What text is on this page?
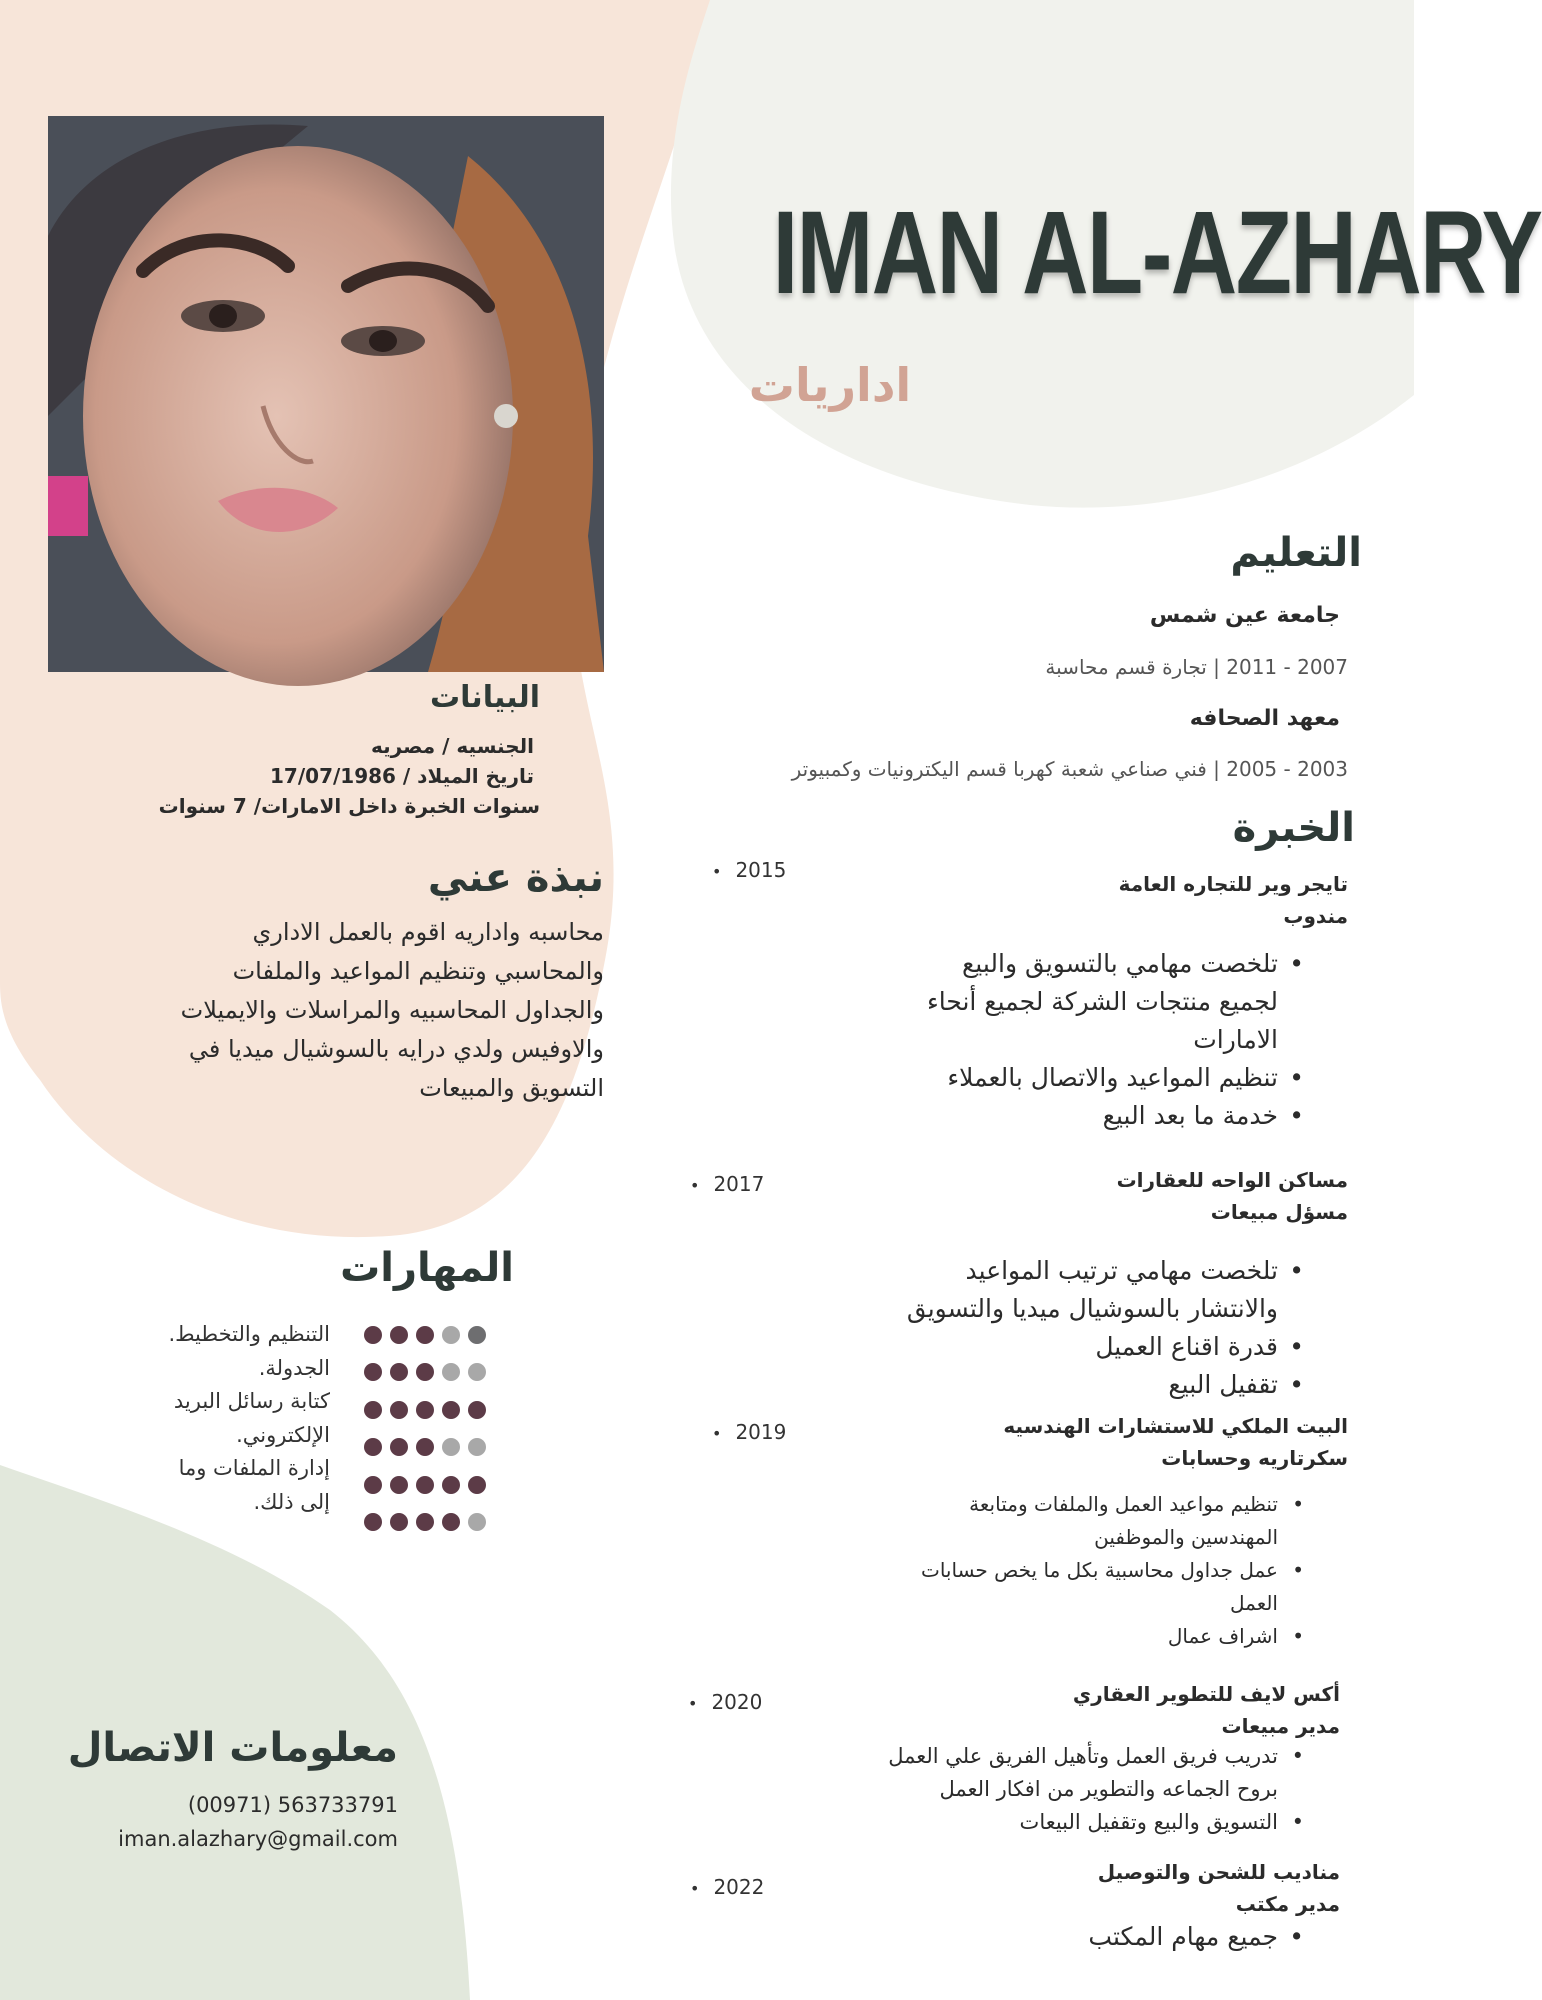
IMAN AL-AZHARY
اداريات
البيانات
الجنسيه / مصريه
تاريخ الميلاد / 17/07/1986
سنوات الخبرة داخل الامارات/ 7 سنوات
نبذة عني
محاسبه واداريه اقوم بالعمل الاداري
والمحاسبي وتنظيم المواعيد والملفات
والجداول المحاسبيه والمراسلات والايميلات
والاوفيس ولدي درايه بالسوشيال ميديا في
التسويق والمبيعات
المهارات
التنظيم والتخطيط.
الجدولة.
كتابة رسائل البريد
الإلكتروني.
إدارة الملفات وما
إلى ذلك.
معلومات الاتصال
(00971) 563733791
iman.alazhary@gmail.com
التعليم
جامعة عين شمس
2007 - 2011 | تجارة قسم محاسبة
معهد الصحافه
2003 - 2005 | فني صناعي شعبة كهربا قسم اليكترونيات وكمبيوتر
الخبرة
• 2015
تايجر وير للتجاره العامة
مندوب
• تلخصت مهامي بالتسويق والبيع
لجميع منتجات الشركة لجميع أنحاء
الامارات
• تنظيم المواعيد والاتصال بالعملاء
• خدمة ما بعد البيع
• 2017	مساكن الواحه للعقارات
مسؤل مبيعات
• تلخصت مهامي ترتيب المواعيد
والانتشار بالسوشيال ميديا والتسويق
• قدرة اقناع العميل
• تقفيل البيع
• 2019	البيت الملكي للاستشارات الهندسيه
سكرتاريه وحسابات
• تنظيم مواعيد العمل والملفات ومتابعة
المهندسين والموظفين
• عمل جداول محاسبية بكل ما يخص حسابات
العمل
• اشراف عمال
• 2020	أكس لايف للتطوير العقاري
مدير مبيعات
• تدريب فريق العمل وتأهيل الفريق علي العمل
بروح الجماعه والتطوير من افكار العمل
• التسويق والبيع وتقفيل البيعات
• 2022
مناديب للشحن والتوصيل
مدير مكتب
• جميع مهام المكتب
